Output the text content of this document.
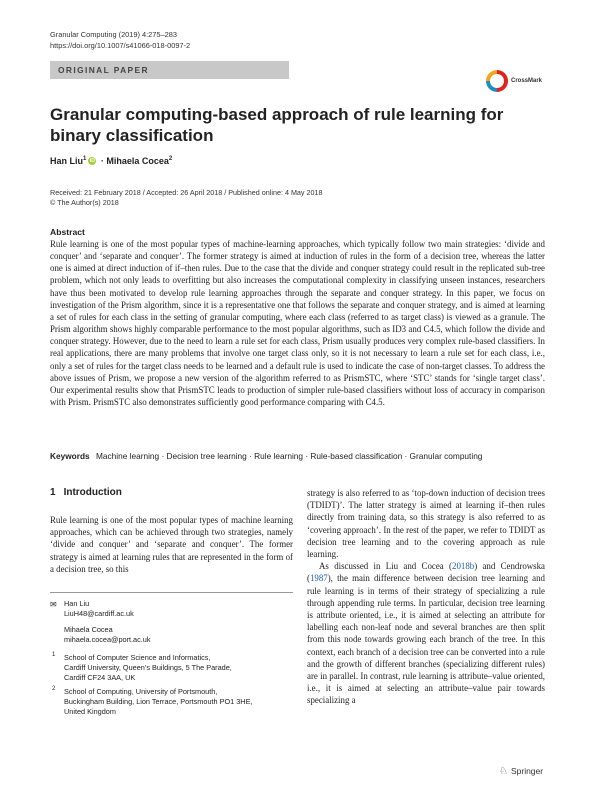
Granular Computing (2019) 4:275–283
https://doi.org/10.1007/s41066-018-0097-2
ORIGINAL PAPER
CrossMark
Granular computing-based approach of rule learning for binary classification
Han Liu$^1$ iD · Mihaela Cocea$^2$
Received: 21 February 2018 / Accepted: 26 April 2018 / Published online: 4 May 2018
© The Author(s) 2018
Abstract
Rule learning is one of the most popular types of machine-learning approaches, which typically follow two main strategies: ‘divide and conquer’ and ‘separate and conquer’. The former strategy is aimed at induction of rules in the form of a decision tree, whereas the latter one is aimed at direct induction of if–then rules. Due to the case that the divide and conquer strategy could result in the replicated sub-tree problem, which not only leads to overfitting but also increases the computational complexity in classifying unseen instances, researchers have thus been motivated to develop rule learning approaches through the separate and conquer strategy. In this paper, we focus on investigation of the Prism algorithm, since it is a representative one that follows the separate and conquer strategy, and is aimed at learning a set of rules for each class in the setting of granular computing, where each class (referred to as target class) is viewed as a granule. The Prism algorithm shows highly comparable performance to the most popular algorithms, such as ID3 and C4.5, which follow the divide and conquer strategy. However, due to the need to learn a rule set for each class, Prism usually produces very complex rule-based classifiers. In real applications, there are many problems that involve one target class only, so it is not necessary to learn a rule set for each class, i.e., only a set of rules for the target class needs to be learned and a default rule is used to indicate the case of non-target classes. To address the above issues of Prism, we propose a new version of the algorithm referred to as PrismSTC, where ‘STC’ stands for ‘single target class’. Our experimental results show that PrismSTC leads to production of simpler rule-based classifiers without loss of accuracy in comparison with Prism. PrismSTC also demonstrates sufficiently good performance comparing with C4.5.
Keywords Machine learning · Decision tree learning · Rule learning · Rule-based classification · Granular computing
1 Introduction
Rule learning is one of the most popular types of machine learning approaches, which can be achieved through two strategies, namely ‘divide and conquer’ and ‘separate and conquer’. The former strategy is aimed at learning rules that are represented in the form of a decision tree, so this

strategy is also referred to as ‘top-down induction of decision trees (TDIDT)’. The latter strategy is aimed at learning if–then rules directly from training data, so this strategy is also referred to as ‘covering approach’. In the rest of the paper, we refer to TDIDT as decision tree learning and to the covering approach as rule learning.

As discussed in Liu and Cocea (2018b) and Cendrowska (1987), the main difference between decision tree learning and rule learning is in terms of their strategy of specializing a rule through appending rule terms. In particular, decision tree learning is attribute oriented, i.e., it is aimed at selecting an attribute for labelling each non-leaf node and several branches are then split from this node towards growing each branch of the tree. In this context, each branch of a decision tree can be converted into a rule and the growth of different branches (specializing different rules) are in parallel. In contrast, rule learning is attribute–value oriented, i.e., it is aimed at selecting an attribute–value pair towards specializing a

✉ Han Liu
LiuH48@cardiff.ac.uk
Mihaela Cocea
mihaela.cocea@port.ac.uk
1 School of Computer Science and Informatics,
Cardiff University, Queen’s Buildings, 5 The Parade,
Cardiff CF24 3AA, UK
2 School of Computing, University of Portsmouth,
Buckingham Building, Lion Terrace, Portsmouth PO1 3HE,
United Kingdom
♘ Springer
